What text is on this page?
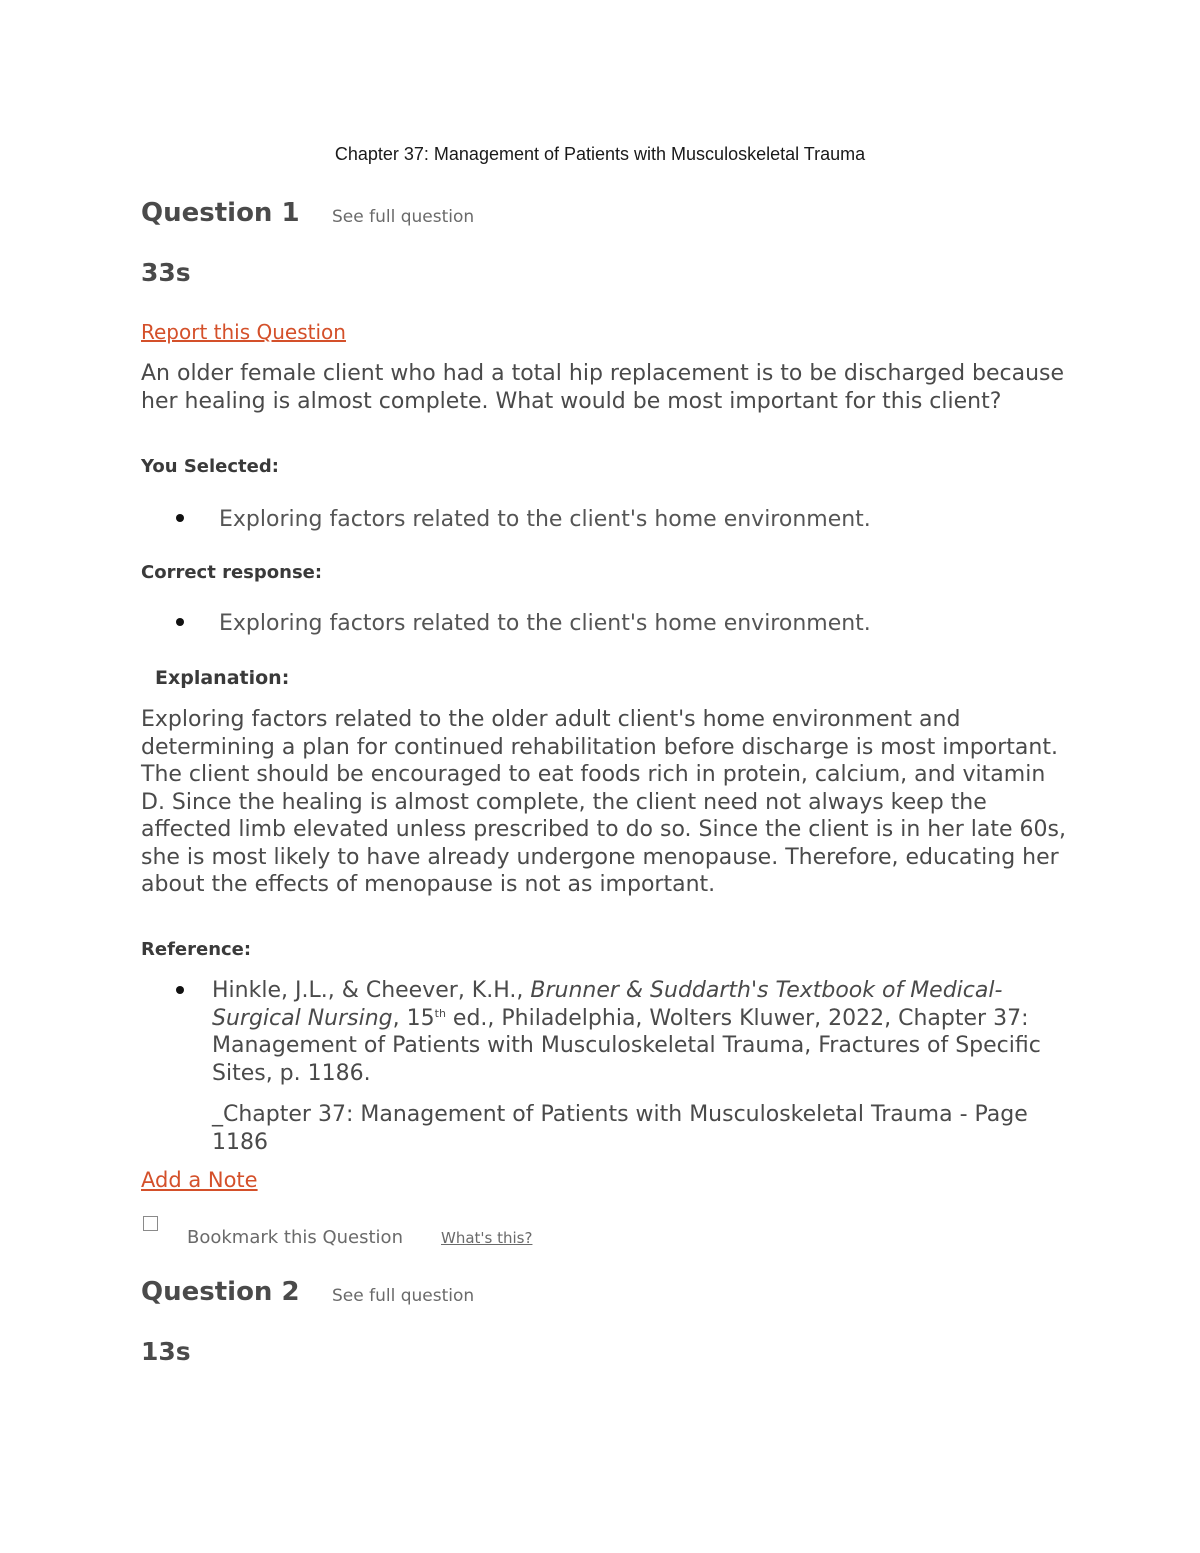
Chapter 37: Management of Patients with Musculoskeletal Trauma
Question 1 See full question
33s
Report this Question
An older female client who had a total hip replacement is to be discharged because her healing is almost complete. What would be most important for this client?
You Selected:
Exploring factors related to the client's home environment.
Correct response:
Exploring factors related to the client's home environment.
Explanation:
Exploring factors related to the older adult client's home environment and determining a plan for continued rehabilitation before discharge is most important. The client should be encouraged to eat foods rich in protein, calcium, and vitamin D. Since the healing is almost complete, the client need not always keep the affected limb elevated unless prescribed to do so. Since the client is in her late 60s, she is most likely to have already undergone menopause. Therefore, educating her about the effects of menopause is not as important.
Reference:
Hinkle, J.L., & Cheever, K.H., Brunner & Suddarth's Textbook of Medical-Surgical Nursing, 15th ed., Philadelphia, Wolters Kluwer, 2022, Chapter 37: Management of Patients with Musculoskeletal Trauma, Fractures of Specific Sites, p. 1186.
_Chapter 37: Management of Patients with Musculoskeletal Trauma - Page 1186
Add a Note
Bookmark this Question	What's this?
Question 2 See full question
13s
